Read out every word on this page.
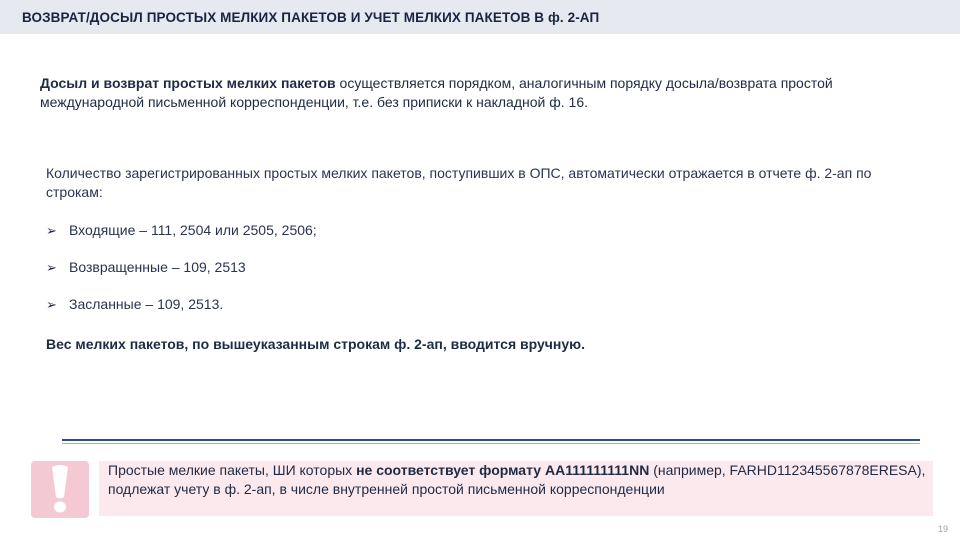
ВОЗВРАТ/ДОСЫЛ ПРОСТЫХ МЕЛКИХ ПАКЕТОВ И УЧЕТ МЕЛКИХ ПАКЕТОВ В ф. 2-АП
Досыл и возврат простых мелких пакетов осуществляется порядком, аналогичным порядку досыла/возврата простой международной письменной корреспонденции, т.е. без приписки к накладной ф. 16.
Количество зарегистрированных простых мелких пакетов, поступивших в ОПС, автоматически отражается в отчете ф. 2-ап по строкам:
➢ Входящие – 111, 2504 или 2505, 2506;
➢ Возвращенные – 109, 2513
➢ Засланные – 109, 2513.
Вес мелких пакетов, по вышеуказанным строкам ф. 2-ап, вводится вручную.
Простые мелкие пакеты, ШИ которых не соответствует формату АА111111111NN (например, FARHD112345567878ERESA), подлежат учету в ф. 2-ап, в числе внутренней простой письменной корреспонденции
19
